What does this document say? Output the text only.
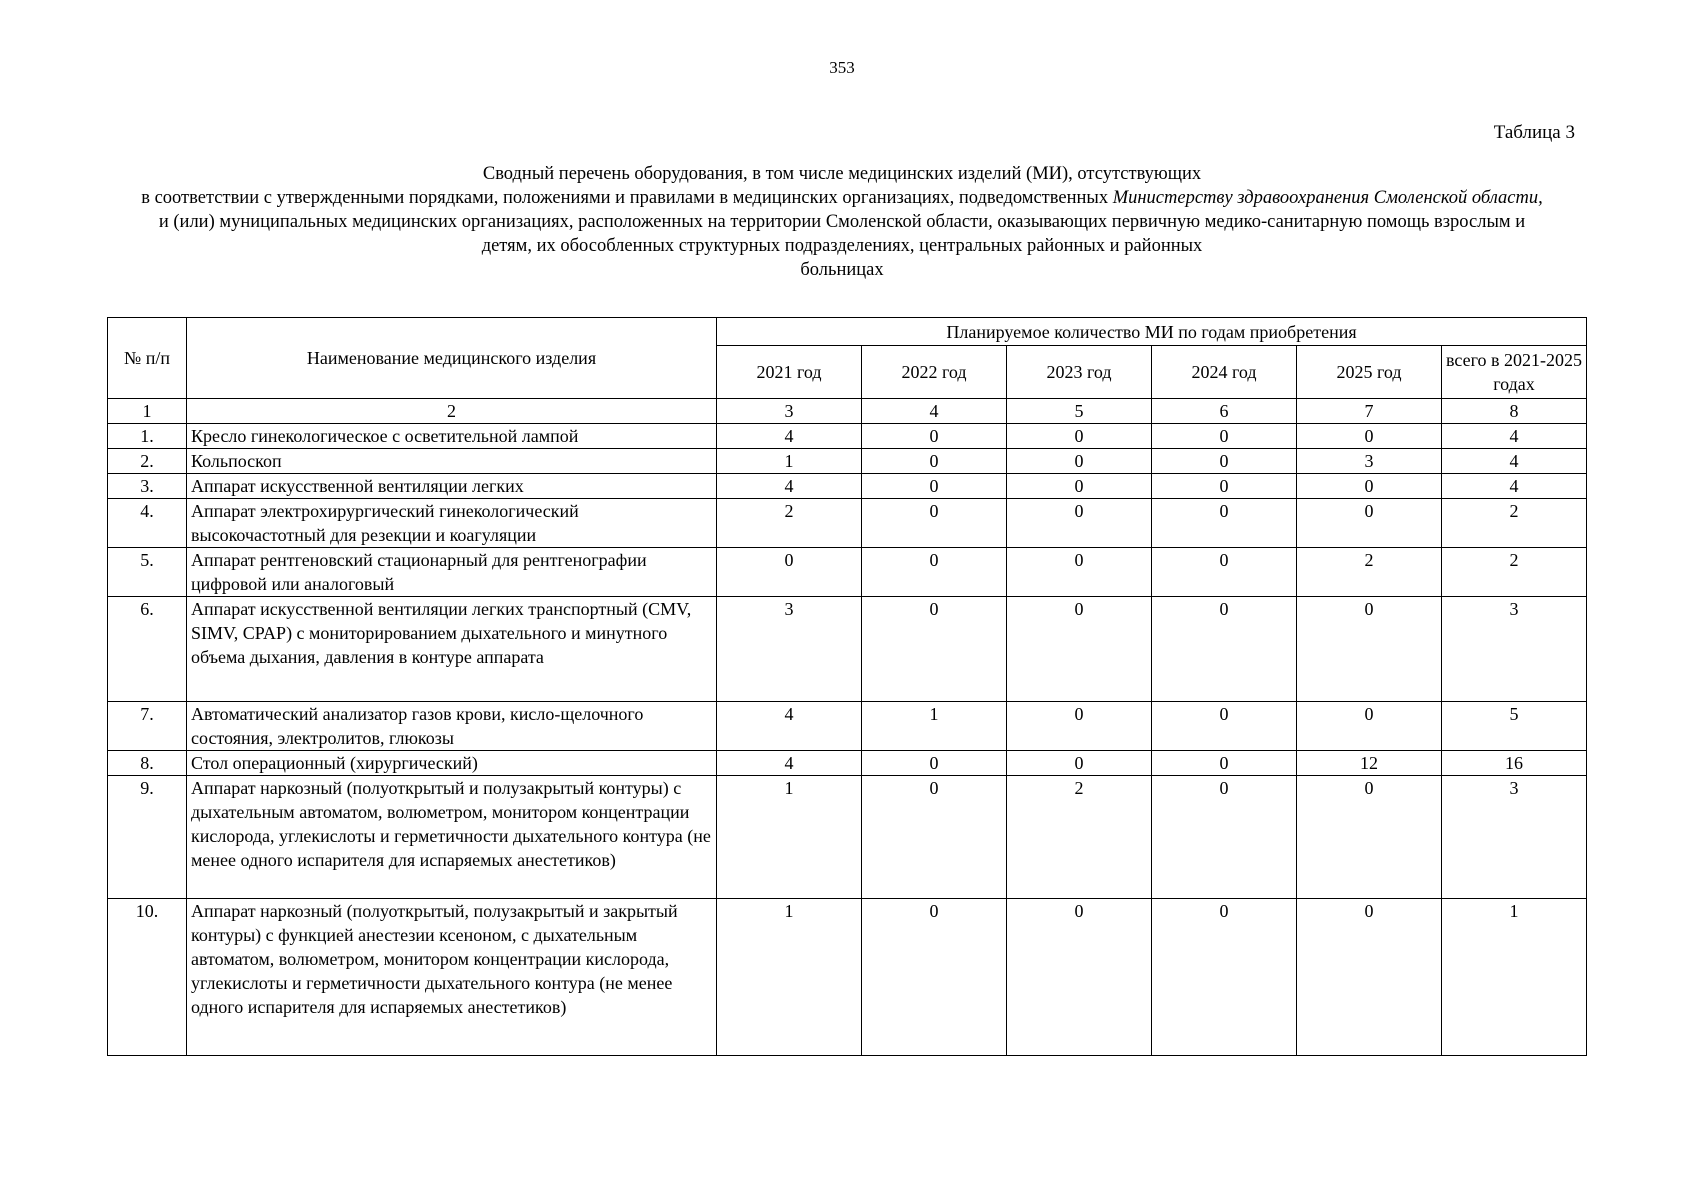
353
Таблица 3
Сводный перечень оборудования, в том числе медицинских изделий (МИ), отсутствующих
в соответствии с утвержденными порядками, положениями и правилами в медицинских организациях, подведомственных Министерству здравоохранения Смоленской области,
и (или) муниципальных медицинских организациях, расположенных на территории Смоленской области, оказывающих первичную медико-санитарную помощь взрослым и
детям, их обособленных структурных подразделениях, центральных районных и районных
больницах
№ п/п	Наименование медицинского изделия	Планируемое количество МИ по годам приобретения					
		2021 год	2022 год	2023 год	2024 год	2025 год	всего в 2021-2025 годах
1	2	3	4	5	6	7	8
1.	Кресло гинекологическое с осветительной лампой	4	0	0	0	0	4
2.	Кольпоскоп	1	0	0	0	3	4
3.	Аппарат искусственной вентиляции легких	4	0	0	0	0	4
4.	Аппарат электрохирургический гинекологический высокочастотный для резекции и коагуляции	2	0	0	0	0	2
5.	Аппарат рентгеновский стационарный для рентгенографии цифровой или аналоговый	0	0	0	0	2	2
6.	Аппарат искусственной вентиляции легких транспортный (CMV, SIMV, CPAP) с мониторированием дыхательного и минутного объема дыхания, давления в контуре аппарата	3	0	0	0	0	3
7.	Автоматический анализатор газов крови, кисло-щелочного состояния, электролитов, глюкозы	4	1	0	0	0	5
8.	Стол операционный (хирургический)	4	0	0	0	12	16
9.	Аппарат наркозный (полуоткрытый и полузакрытый контуры) с дыхательным автоматом, волюметром, монитором концентрации кислорода, углекислоты и герметичности дыхательного контура (не менее одного испарителя для испаряемых анестетиков)	1	0	2	0	0	3
10.	Аппарат наркозный (полуоткрытый, полузакрытый и закрытый контуры) с функцией анестезии ксеноном, с дыхательным автоматом, волюметром, монитором концентрации кислорода, углекислоты и герметичности дыхательного контура (не менее одного испарителя для испаряемых анестетиков)	1	0	0	0	0	1
